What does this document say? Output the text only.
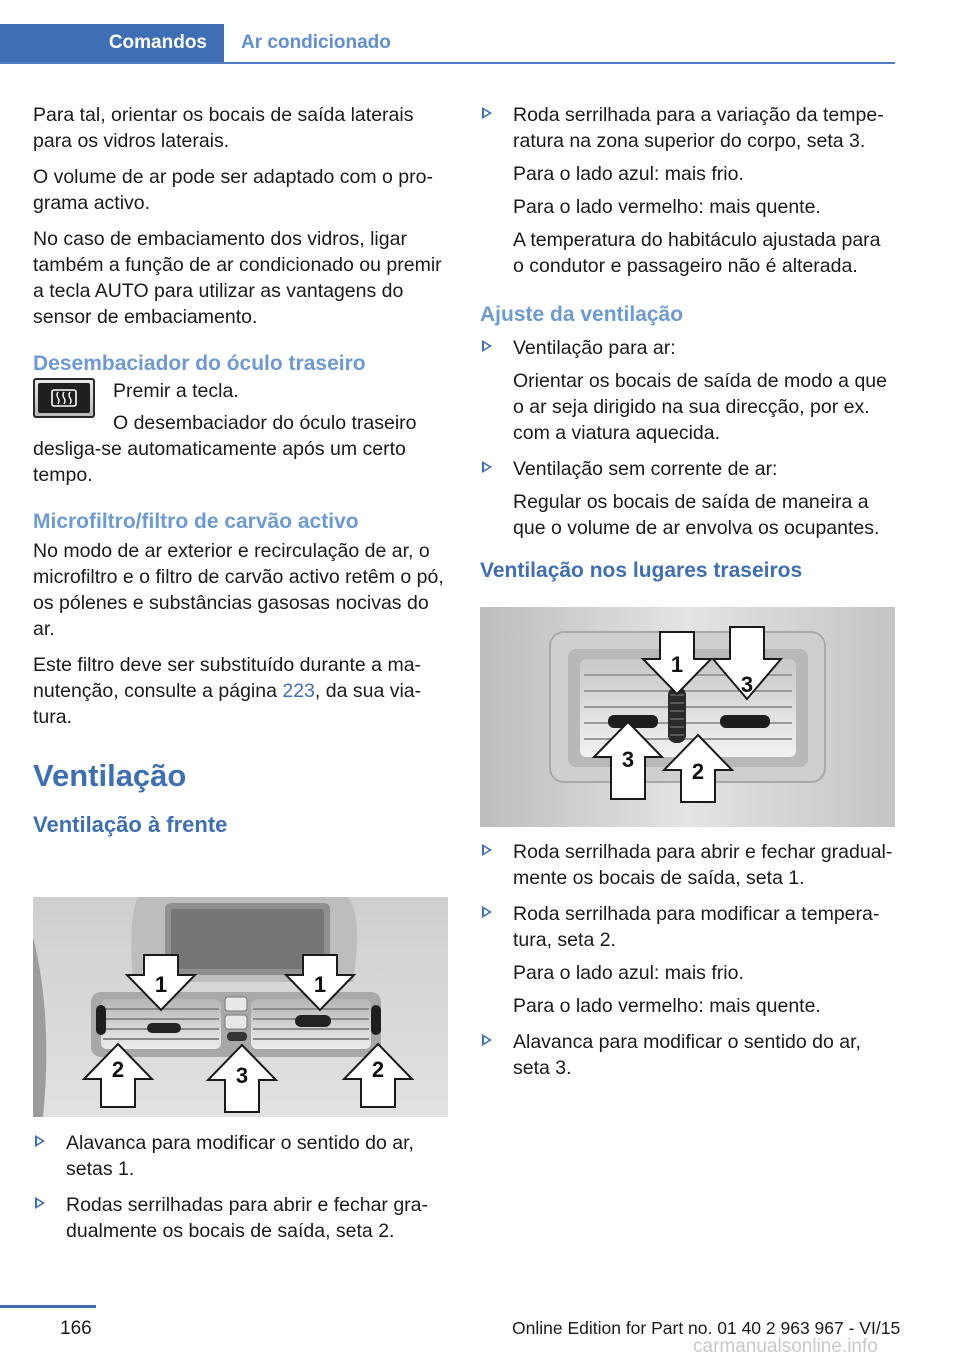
Comandos	Ar condicionado

Para tal, orientar os bocais de saída laterais para os vidros laterais.

O volume de ar pode ser adaptado com o programa activo.

No caso de embaciamento dos vidros, ligar também a função de ar condicionado ou premir a tecla AUTO para utilizar as vantagens do sensor de embaciamento.

Desembaciador do óculo traseiro

Premir a tecla.

O desembaciador do óculo traseiro desliga-se automaticamente após um certo tempo.

Microfiltro/filtro de carvão activo

No modo de ar exterior e recirculação de ar, o microfiltro e o filtro de carvão activo retêm o pó, os pólenes e substâncias gasosas nocivas do ar.

Este filtro deve ser substituído durante a manutenção, consulte a página 223, da sua viatura.

Ventilação
Ventilação à frente
1	1
2	2
3

Alavanca para modificar o sentido do ar, setas 1.

Rodas serrilhadas para abrir e fechar gradualmente os bocais de saída, seta 2.

Roda serrilhada para a variação da temperatura na zona superior do corpo, seta 3.

Para o lado azul: mais frio.

Para o lado vermelho: mais quente.

A temperatura do habitáculo ajustada para o condutor e passageiro não é alterada.

Ajuste da ventilação

Ventilação para ar:

Orientar os bocais de saída de modo a que o ar seja dirigido na sua direcção, por ex. com a viatura aquecida.

Ventilação sem corrente de ar:

Regular os bocais de saída de maneira a que o volume de ar envolva os ocupantes.

Ventilação nos lugares traseiros
1
3
3	2

Roda serrilhada para abrir e fechar gradualmente os bocais de saída, seta 1.

Roda serrilhada para modificar a temperatura, seta 2.

Para o lado azul: mais frio.

Para o lado vermelho: mais quente.

Alavanca para modificar o sentido do ar, seta 3.

166	Online Edition for Part no. 01 40 2 963 967 - VI/15
carmanualsonline.info
